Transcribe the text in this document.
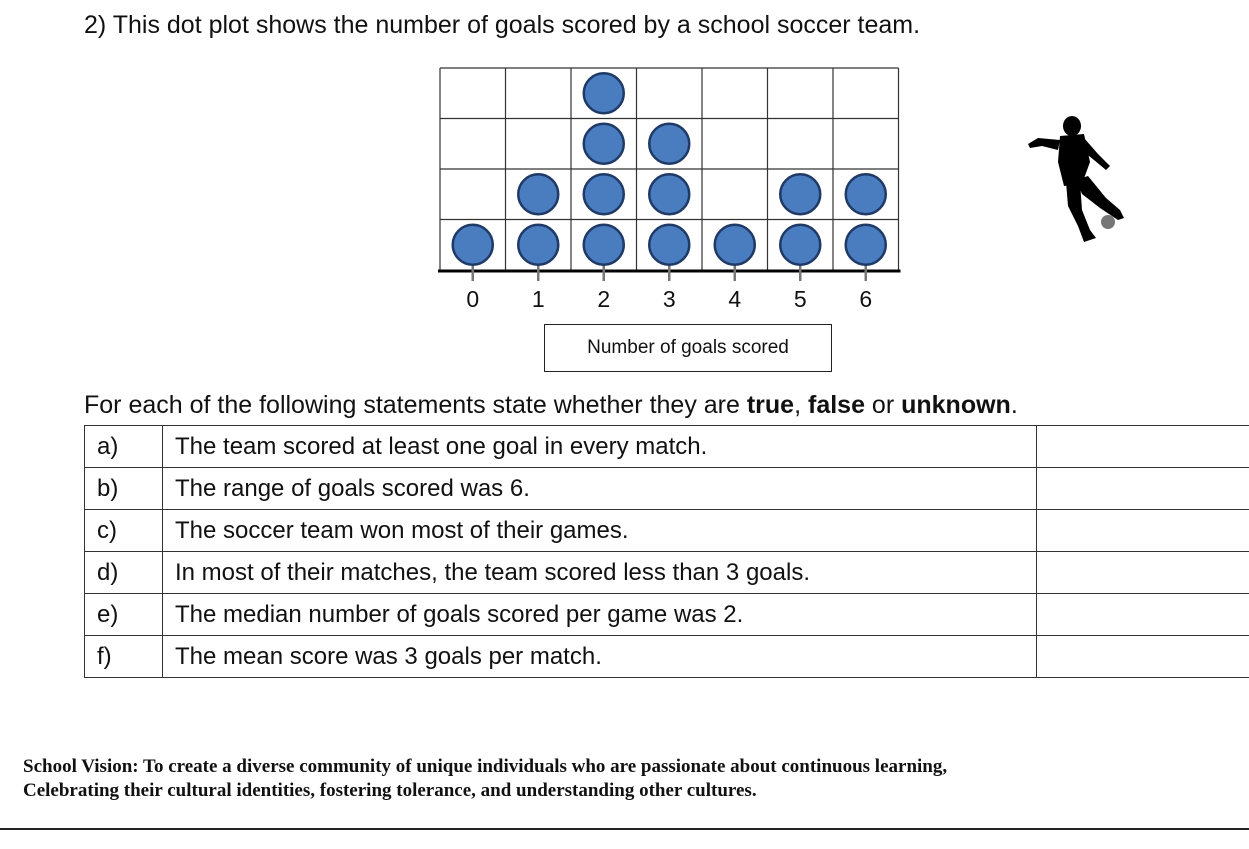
2) This dot plot shows the number of goals scored by a school soccer team.
0 1 2 3 4 5 6
Number of goals scored
For each of the following statements state whether they are true, false or unknown.
a)	The team scored at least one goal in every match.	
b)	The range of goals scored was 6.	
c)	The soccer team won most of their games.	
d)	In most of their matches, the team scored less than 3 goals.	
e)	The median number of goals scored per game was 2.	
f)	The mean score was 3 goals per match.	
School Vision: To create a diverse community of unique individuals who are passionate about continuous learning,
Celebrating their cultural identities, fostering tolerance, and understanding other cultures.
